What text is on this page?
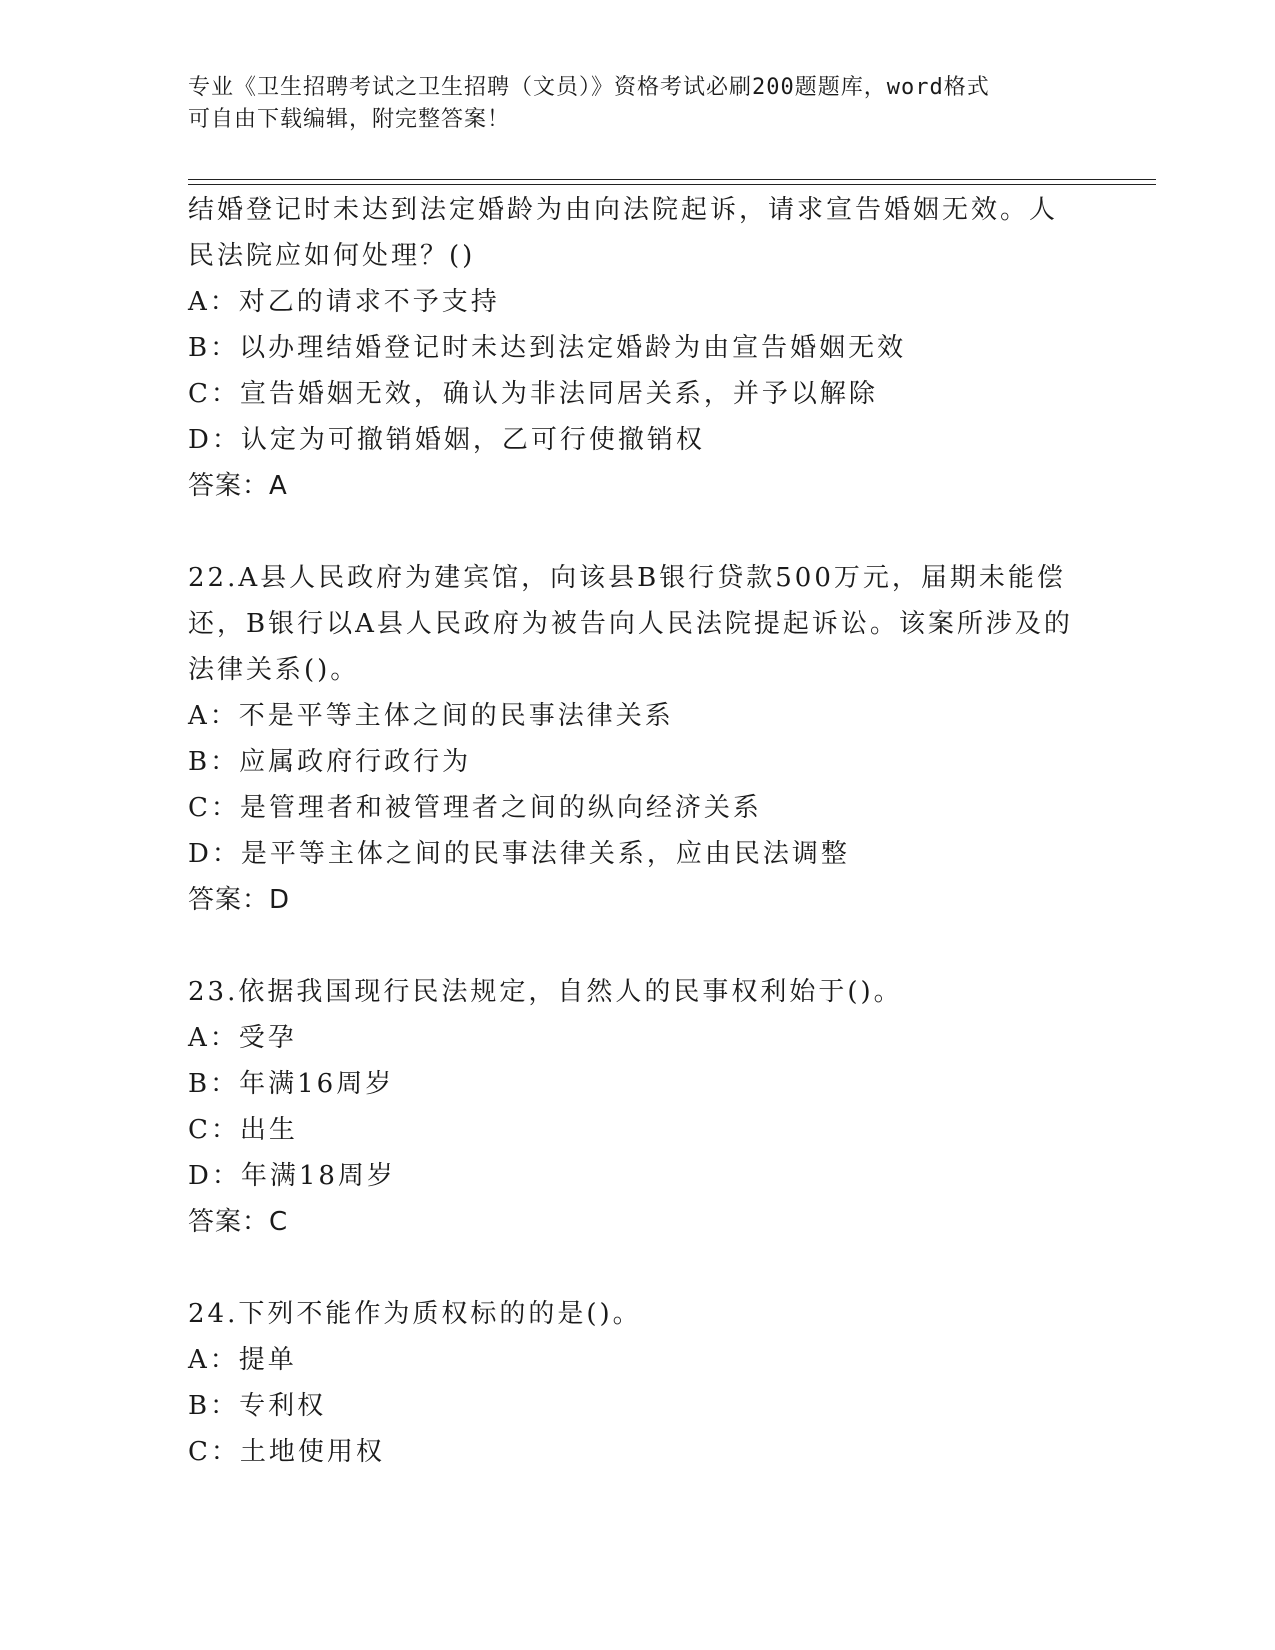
专业《卫生招聘考试之卫生招聘（文员）》资格考试必刷200题题库，word格式
可自由下载编辑，附完整答案！
结婚登记时未达到法定婚龄为由向法院起诉，请求宣告婚姻无效。人
民法院应如何处理？()
A：对乙的请求不予支持
B：以办理结婚登记时未达到法定婚龄为由宣告婚姻无效
C：宣告婚姻无效，确认为非法同居关系，并予以解除
D：认定为可撤销婚姻，乙可行使撤销权
答案：A
22.A县人民政府为建宾馆，向该县B银行贷款500万元，届期未能偿
还，B银行以A县人民政府为被告向人民法院提起诉讼。该案所涉及的
法律关系()。
A：不是平等主体之间的民事法律关系
B：应属政府行政行为
C：是管理者和被管理者之间的纵向经济关系
D：是平等主体之间的民事法律关系，应由民法调整
答案：D
23.依据我国现行民法规定，自然人的民事权利始于()。
A：受孕
B：年满16周岁
C：出生
D：年满18周岁
答案：C
24.下列不能作为质权标的的是()。
A：提单
B：专利权
C：土地使用权
